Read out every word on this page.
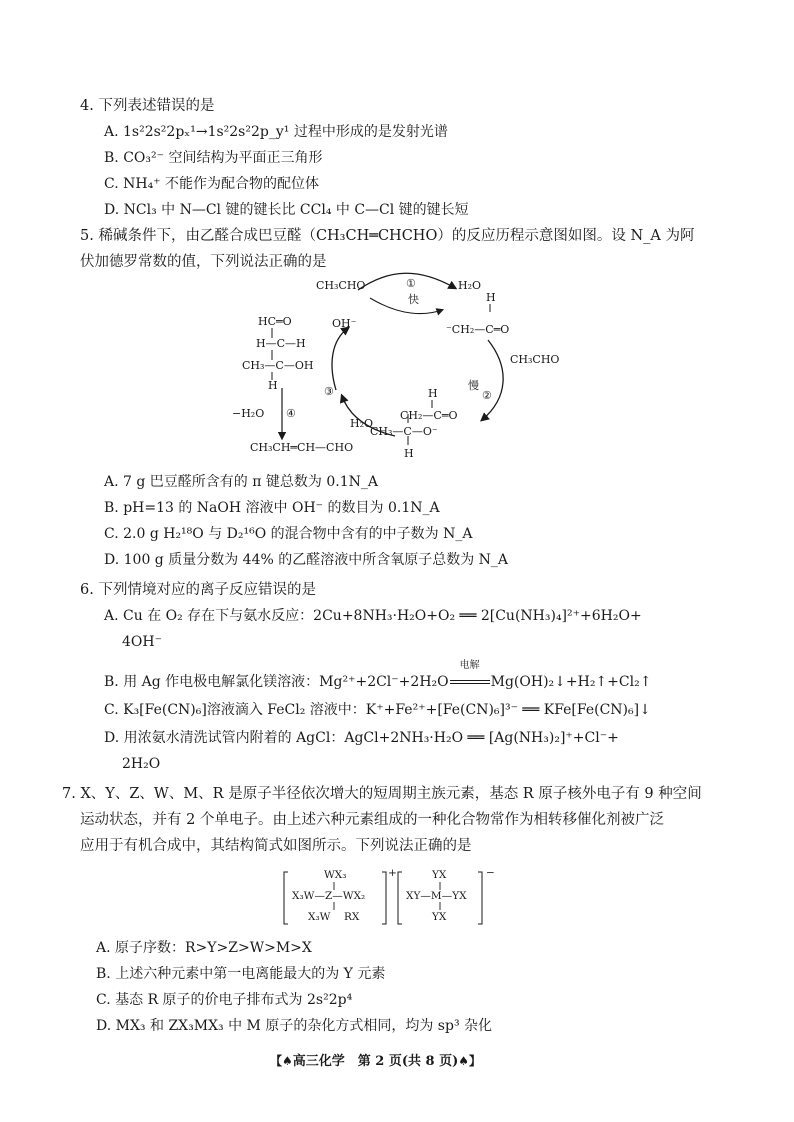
4. 下列表述错误的是
A. 1s²2s²2pₓ¹→1s²2s²2p_y¹ 过程中形成的是发射光谱
B. CO₃²⁻ 空间结构为平面正三角形
C. NH₄⁺ 不能作为配合物的配位体
D. NCl₃ 中 N—Cl 键的键长比 CCl₄ 中 C—Cl 键的键长短
5. 稀碱条件下，由乙醛合成巴豆醛（CH₃CH═CHCHO）的反应历程示意图如图。设 N_A 为阿
伏加德罗常数的值，下列说法正确的是
CH₃CHO	①
快
H₂O
OH⁻
H
⁻CH₂—C═O
CH₃CHO
慢
②
H
CH₂—C═O
CH₃—C—O⁻
H
H₂O
③
HC═O
H—C—H
CH₃—C—OH
H
−H₂O ④
CH₃CH═CH—CHO
A. 7 g 巴豆醛所含有的 π 键总数为 0.1N_A
B. pH=13 的 NaOH 溶液中 OH⁻ 的数目为 0.1N_A
C. 2.0 g H₂¹⁸O 与 D₂¹⁶O 的混合物中含有的中子数为 N_A
D. 100 g 质量分数为 44% 的乙醛溶液中所含氧原子总数为 N_A
6. 下列情境对应的离子反应错误的是
A. Cu 在 O₂ 存在下与氨水反应：2Cu+8NH₃·H₂O+O₂ ══ 2[Cu(NH₃)₄]²⁺+6H₂O+
4OH⁻
B. 用 Ag 作电极电解氯化镁溶液：Mg²⁺+2Cl⁻+2H₂O
电解
Mg(OH)₂↓+H₂↑+Cl₂↑
C. K₃[Fe(CN)₆]溶液滴入 FeCl₂ 溶液中：K⁺+Fe²⁺+[Fe(CN)₆]³⁻ ══ KFe[Fe(CN)₆]↓
D. 用浓氨水清洗试管内附着的 AgCl：AgCl+2NH₃·H₂O ══ [Ag(NH₃)₂]⁺+Cl⁻+
2H₂O
7. X、Y、Z、W、M、R 是原子半径依次增大的短周期主族元素，基态 R 原子核外电子有 9 种空间
运动状态，并有 2 个单电子。由上述六种元素组成的一种化合物常作为相转移催化剂被广泛
应用于有机合成中，其结构简式如图所示。下列说法正确的是
WX₃
X₃W—Z—WX₂
X₃W RX
+	YX
XY—M—YX
YX
−
A. 原子序数：R>Y>Z>W>M>X
B. 上述六种元素中第一电离能最大的为 Y 元素
C. 基态 R 原子的价电子排布式为 2s²2p⁴
D. MX₃ 和 ZX₃MX₃ 中 M 原子的杂化方式相同，均为 sp³ 杂化
【♠高三化学　第 2 页(共 8 页)♠】
